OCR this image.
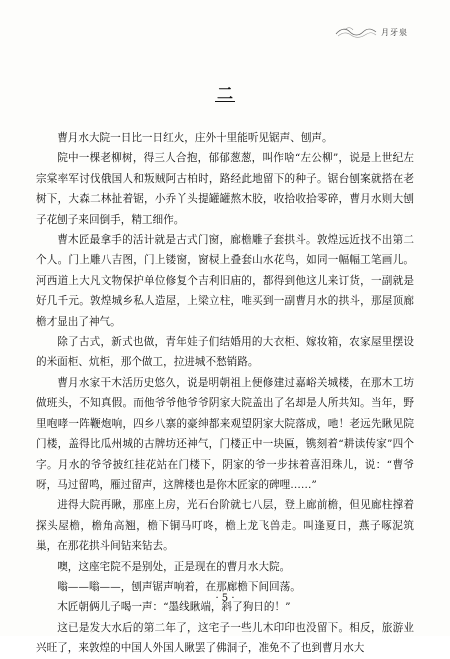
月牙泉
二

曹月水大院一日比一日红火，庄外十里能听见锯声、刨声。

院中一棵老柳树，得三人合抱，郁郁葱葱，叫作啥“左公柳”，说是上世纪左宗棠率军讨伐俄国人和叛贼阿古柏时，路经此地留下的种子。锯台刨案就搭在老树下，大森二林扯着锯，小乔丫头提罐罐熬木胶，收拾收拾零碎，曹月水则大刨子花刨子来回倒手，精工细作。

曹木匠最拿手的活计就是古式门窗，廊檐雕子套拱斗。敦煌远近找不出第二个人。门上雕八吉图，门上镂窗，窗棂上叠套山水花鸟，如同一幅幅工笔画儿。河西道上大凡文物保护单位修复个吉利旧庙的，都得到他这儿来订货，一副就是好几千元。敦煌城乡私人造屋，上梁立柱，唯买到一副曹月水的拱斗，那屋顶廊檐才显出了神气。

除了古式，新式也做，青年娃子们结婚用的大衣柜、嫁妆箱，农家屋里摆设的米面柜、炕柜，那个做工，拉进城不愁销路。

曹月水家干木活历史悠久，说是明朝祖上便修建过嘉峪关城楼，在那木工坊做班头，不知真假。而他爷爷他爷爷阴家大院盖出了名却是人所共知。当年，野里咆哮一阵鞭炮响，四乡八寨的豪绅都来观望阴家大院落成，吔！老远先瞅见院门楼，盖得比瓜州城的古牌坊还神气，门楼正中一块匾，镌刻着“耕读传家”四个字。月水的爷爷披红挂花站在门楼下，阴家的爷一步抹着喜泪珠儿，说：“曹爷呀，马过留鸣，雁过留声，这牌楼也是你木匠家的碑哩……”

进得大院再瞅，那座上房，光石台阶就七八层，登上廊前檐，但见廊柱撑着探头屋檐，檐角高翘，檐下铜马叮咚，檐上龙飞兽走。叫逢夏日，燕子啄泥筑巢，在那花拱斗间钻来钻去。

噢，这座宅院不是别处，正是现在的曹月水大院。

嗡——嗡——，刨声锯声响着，在那廊檐下间回荡。

木匠朝俩儿子喝一声：“墨线瞅端，斜了狗日的！”

这已是发大水后的第二年了，这宅子一些儿木印印也没留下。相反，旅游业兴旺了，来敦煌的中国人外国人瞅罢了佛洞子，准免不了也到曹月水大

· 5 ·
